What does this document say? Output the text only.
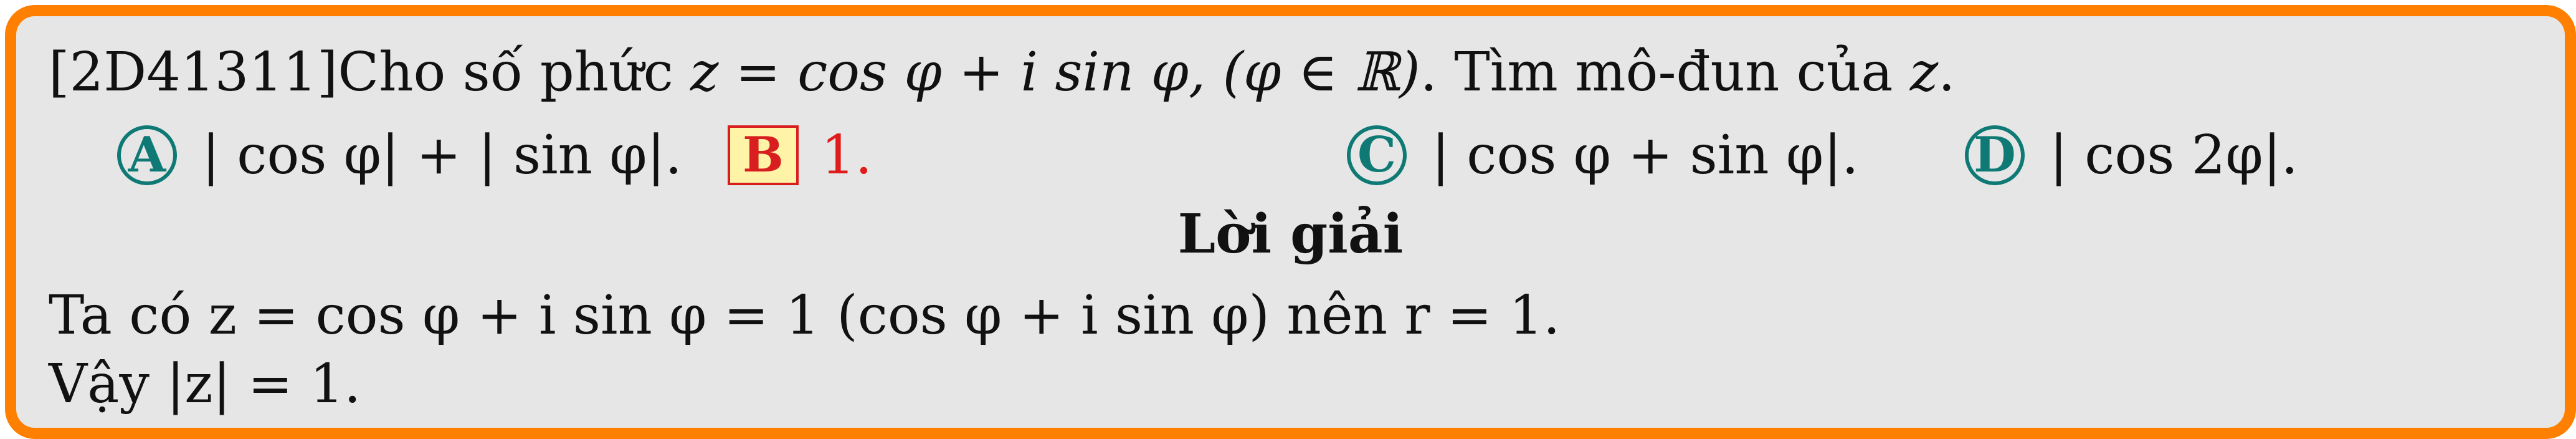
[2D41311]Cho số phức z = cos φ + i sin φ, (φ ∈ ℝ). Tìm mô-đun của z.
A | cos φ| + | sin φ|.	B 1.	C | cos φ + sin φ|. D | cos 2φ|.
Lời giải
Ta có z = cos φ + i sin φ = 1 (cos φ + i sin φ) nên r = 1.
Vậy |z| = 1.
